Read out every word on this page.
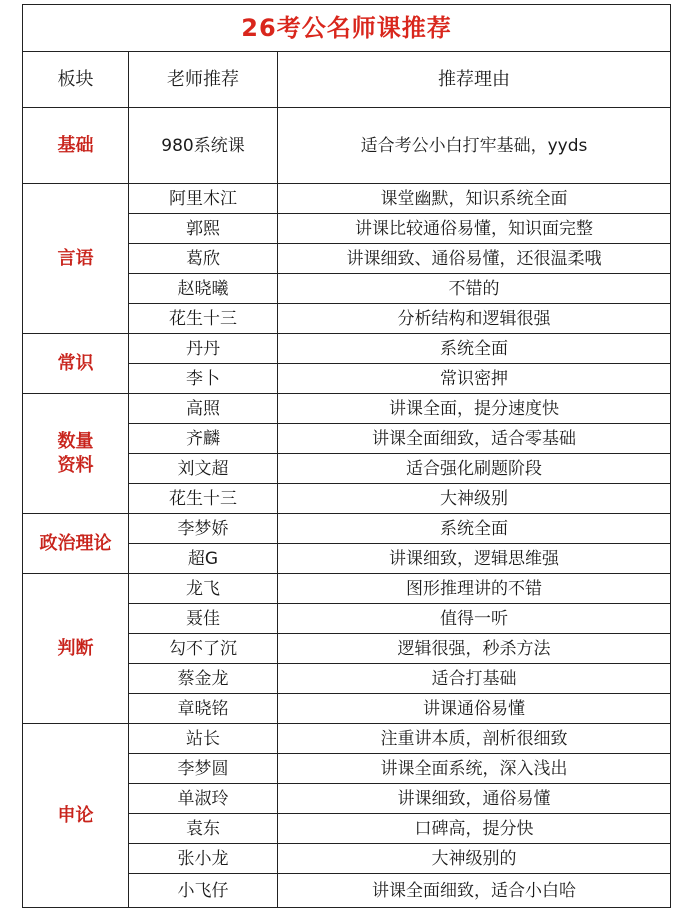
26考公名师课推荐		
板块	老师推荐	推荐理由
基础	980系统课	适合考公小白打牢基础，yyds
言语	阿里木江	课堂幽默，知识系统全面
	郭熙	讲课比较通俗易懂，知识面完整
	葛欣	讲课细致、通俗易懂，还很温柔哦
	赵晓曦	不错的
	花生十三	分析结构和逻辑很强
常识	丹丹	系统全面
	李卜	常识密押

数量
资料	高照	讲课全面，提分速度快
	齐麟	讲课全面细致，适合零基础
	刘文超	适合强化刷题阶段
	花生十三	大神级别
政治理论	李梦娇	系统全面
	超G	讲课细致，逻辑思维强
判断	龙飞	图形推理讲的不错
	聂佳	值得一听
	勾不了沉	逻辑很强，秒杀方法
	蔡金龙	适合打基础
	章晓铭	讲课通俗易懂
申论	站长	注重讲本质，剖析很细致
	李梦圆	讲课全面系统，深入浅出
	单淑玲	讲课细致，通俗易懂
	袁东	口碑高，提分快
	张小龙	大神级别的
	小飞仔	讲课全面细致，适合小白哈
